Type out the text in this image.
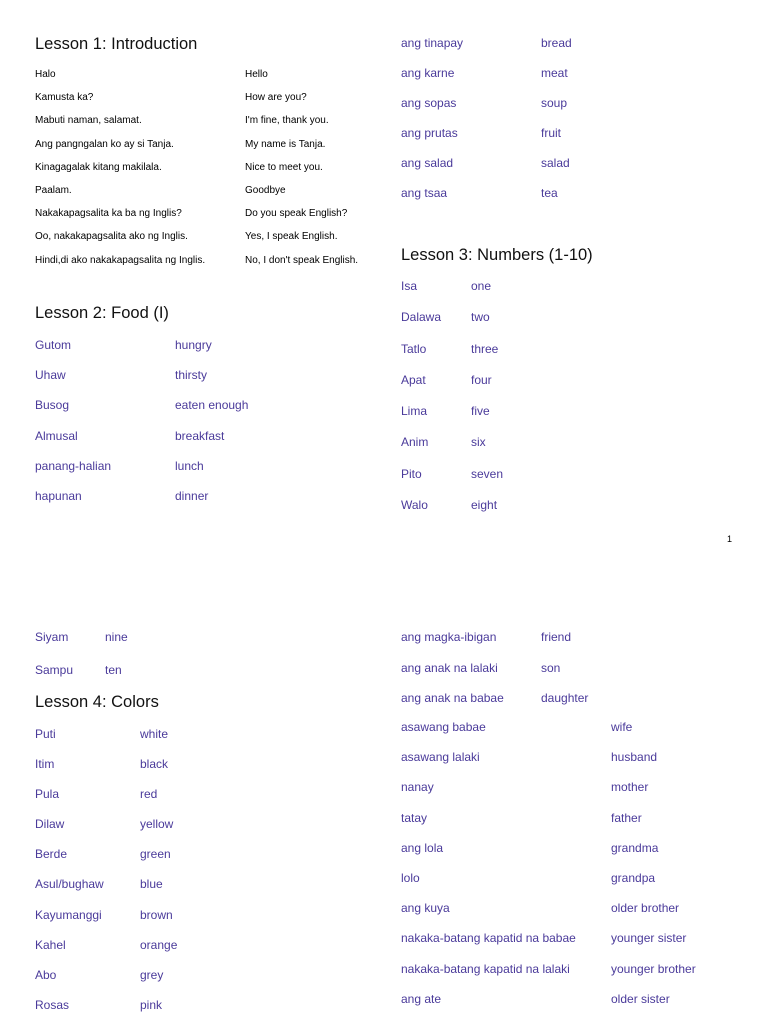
Lesson 1: Introduction
Halo	Hello
Kamusta ka?	How are you?
Mabuti naman, salamat.	I'm fine, thank you.
Ang pangngalan ko ay si Tanja.	My name is Tanja.
Kinagagalak kitang makilala.	Nice to meet you.
Paalam.	Goodbye
Nakakapagsalita ka ba ng Inglis?	Do you speak English?
Oo, nakakapagsalita ako ng Inglis.	Yes, I speak English.
Hindi,di ako nakakapagsalita ng Inglis.	No, I don't speak English.
Lesson 2: Food (I)
Gutom	hungry
Uhaw	thirsty
Busog	eaten enough
Almusal	breakfast
panang-halian	lunch
hapunan	dinner
ang tinapay	bread
ang karne	meat
ang sopas	soup
ang prutas	fruit
ang salad	salad
ang tsaa	tea
Lesson 3: Numbers (1-10)
Isa	one
Dalawa two
Tatlo	three
Apat	four
Lima	five
Anim	six
Pito	seven
Walo	eight
1
Siyam	nine
Sampu	ten
Lesson 4: Colors
Puti	white
Itim	black
Pula	red
Dilaw	yellow
Berde	green
Asul/bughaw	blue
Kayumanggi	brown
Kahel	orange
Abo	grey
Rosas	pink
ang magka-ibigan	friend
ang anak na lalaki	son
ang anak na babae	daughter
asawang babae	wife
asawang lalaki	husband
nanay	mother
tatay	father
ang lola	grandma
lolo	grandpa
ang kuya	older brother
nakaka-batang kapatid na babae	younger sister
nakaka-batang kapatid na lalaki	younger brother
ang ate	older sister
